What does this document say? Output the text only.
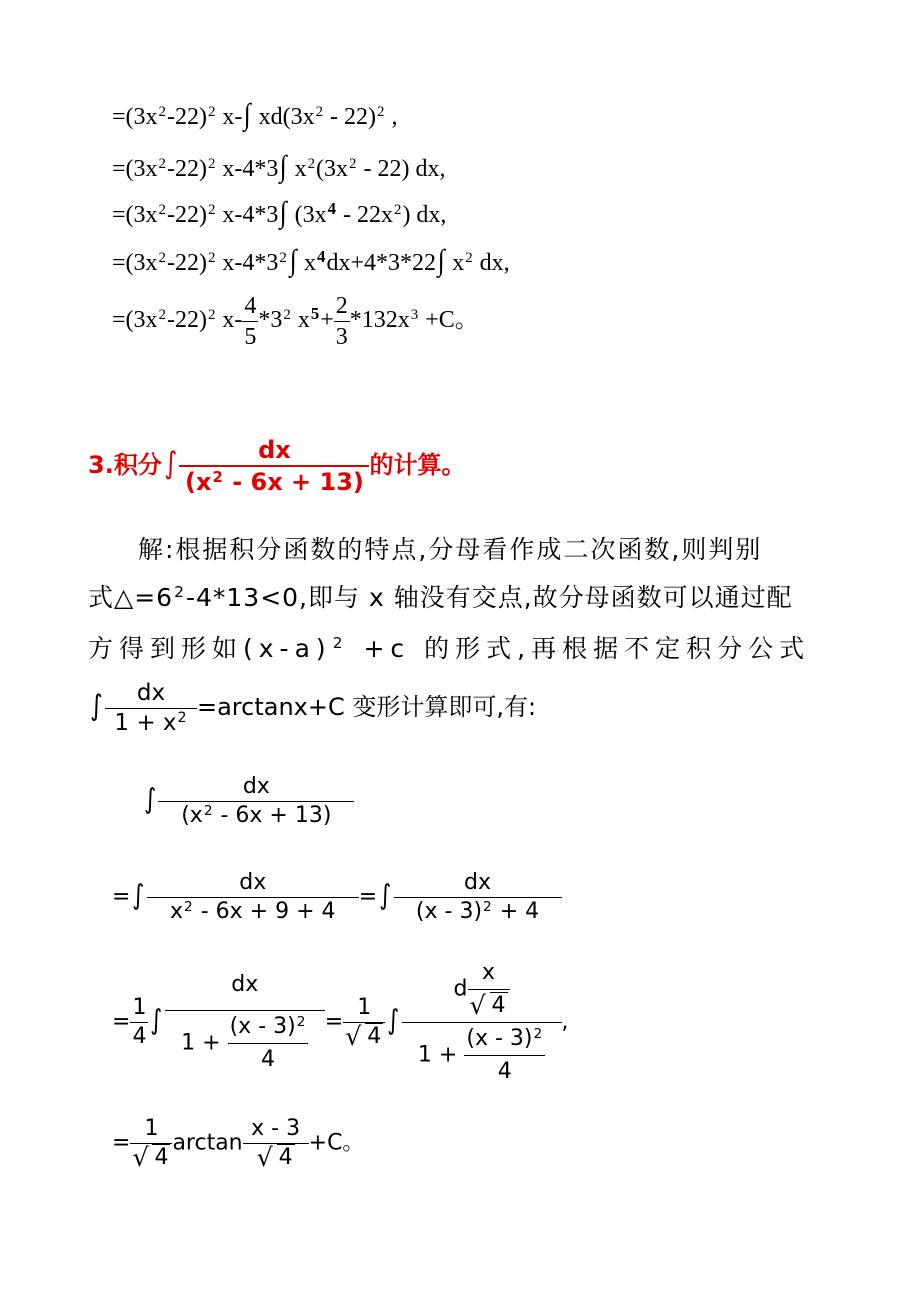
$=(3x^2-22)^2$ x-∫ $xd(3x^2 - 22)^2$ ,
$=(3x^2-22)^2$ x-4*3∫ $x^2(3x^2 - 22)$ dx,
$=(3x^2-22)^2$ x-4*3∫ $(3x^4 - 22x^2)$ dx,
$=(3x^2-22)^2$ $x-4*3^2\int$ $x^4dx+4*3*22\int$ $x^2$ dx,
$=(3x^2-22)^2$ $x- \frac{4}{5} *3^2$ $x^5+ \frac{2}{3} *132x^3 +C$。
3.积分∫ $\frac{dx}{(x^2 - 6x + 13)}$ 的计算。
解:根据积分函数的特点,分母看作成二次函数,则判别
式$\triangle=6^2-4*13<0$,即与 x 轴没有交点,故分母函数可以通过配
方得到形如$(x-a)^2 +c$ 的形式,再根据不定积分公式
∫ $\frac{dx}{1 + x^2} =\arctan x+C$ 变形计算即可,有:
∫ $\frac{dx}{(x^2 - 6x + 13)}$
=∫ $\frac{dx}{x^2 - 6x + 9 + 4}$ =∫ $\frac{dx}{(x - 3)^2 + 4}$
= $\frac{1}{4}$ ∫ $\frac{dx}{1 + \frac{(x - 3)^2}{4}} = \frac{1}{√ 4}$ ∫ $\frac{d \frac{x}{√ 4}}{1 + \frac{(x - 3)^2}{4}}$ ,
= $\frac{1}{√ 4}$ $\arctan \frac{x - 3}{√ 4} +C$。
